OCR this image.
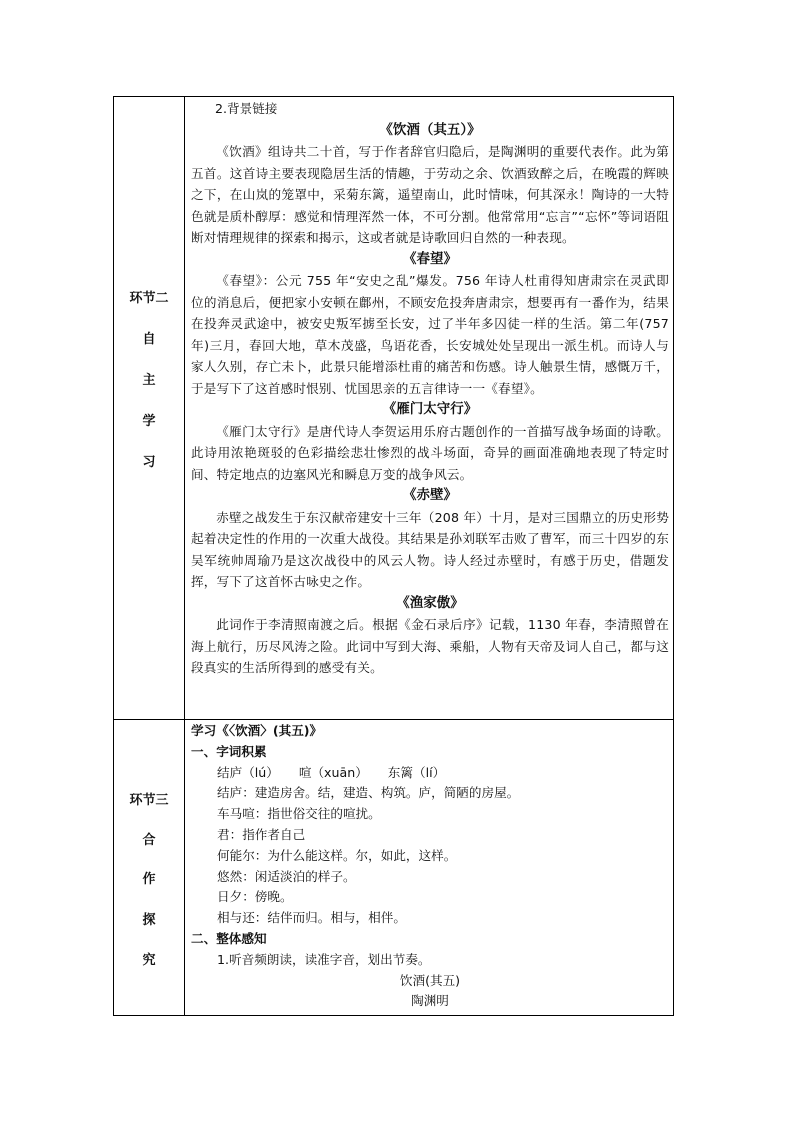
环节二
自
主
学
习
环节三
合
作
探
究

2.背景链接

《饮酒（其五）》

《饮酒》组诗共二十首，写于作者辞官归隐后，是陶渊明的重要代表作。此为第五首。这首诗主要表现隐居生活的情趣，于劳动之余、饮酒致醉之后，在晚霞的辉映之下，在山岚的笼罩中，采菊东篱，遥望南山，此时情味，何其深永！陶诗的一大特色就是质朴醇厚：感觉和情理浑然一体，不可分割。他常常用“忘言”“忘怀”等词语阻断对情理规律的探索和揭示，这或者就是诗歌回归自然的一种表现。

《春望》

《春望》：公元 755 年“安史之乱”爆发。756 年诗人杜甫得知唐肃宗在灵武即位的消息后，便把家小安顿在鄜州，不顾安危投奔唐肃宗，想要再有一番作为，结果在投奔灵武途中，被安史叛军掳至长安，过了半年多囚徒一样的生活。第二年(757 年)三月，春回大地，草木茂盛，鸟语花香，长安城处处呈现出一派生机。而诗人与家人久别，存亡未卜，此景只能增添杜甫的痛苦和伤感。诗人触景生情，感慨万千，于是写下了这首感时恨别、忧国思亲的五言律诗一一《春望》。

《雁门太守行》

《雁门太守行》是唐代诗人李贺运用乐府古题创作的一首描写战争场面的诗歌。此诗用浓艳斑驳的色彩描绘悲壮惨烈的战斗场面，奇异的画面准确地表现了特定时间、特定地点的边塞风光和瞬息万变的战争风云。

《赤壁》

赤壁之战发生于东汉献帝建安十三年（208 年）十月，是对三国鼎立的历史形势起着决定性的作用的一次重大战役。其结果是孙刘联军击败了曹军，而三十四岁的东吴军统帅周瑜乃是这次战役中的风云人物。诗人经过赤壁时，有感于历史，借题发挥，写下了这首怀古咏史之作。

《渔家傲》

此词作于李清照南渡之后。根据《金石录后序》记载，1130 年春，李清照曾在海上航行，历尽风涛之险。此词中写到大海、乘船，人物有天帝及词人自己，都与这段真实的生活所得到的感受有关。

学习《〈饮酒〉(其五)》

一、字词积累

结庐（lú）     喧（xuān）     东篱（lí）

结庐：建造房舍。结，建造、构筑。庐，简陋的房屋。

车马喧：指世俗交往的喧扰。

君：指作者自己

何能尔：为什么能这样。尔，如此，这样。

悠然：闲适淡泊的样子。

日夕：傍晚。

相与还：结伴而归。相与，相伴。

二、整体感知

1.听音频朗读，读准字音，划出节奏。

饮酒(其五)

陶渊明
